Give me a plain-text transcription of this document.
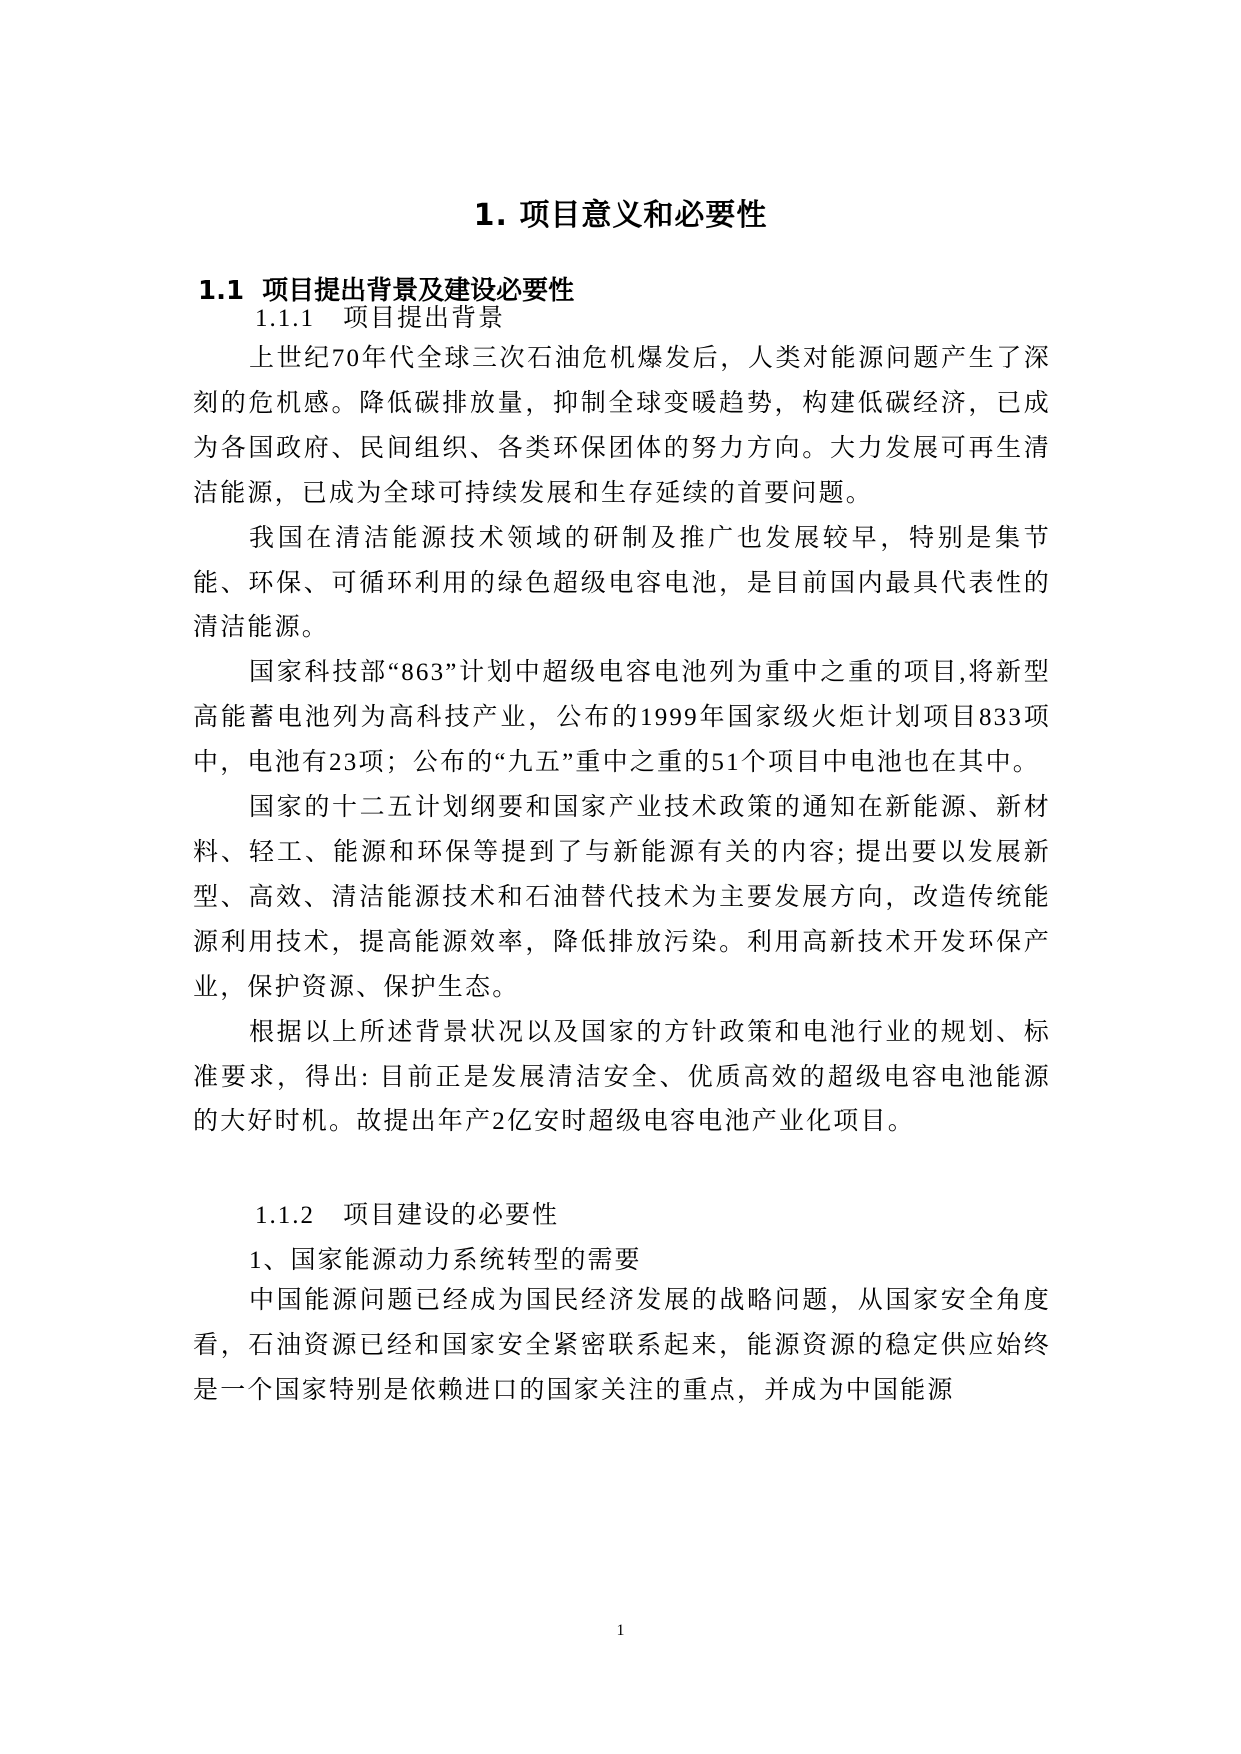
1. 项目意义和必要性
1.1 项目提出背景及建设必要性
1.1.1 项目提出背景

上世纪70年代全球三次石油危机爆发后，人类对能源问题产生了深刻的危机感。降低碳排放量，抑制全球变暖趋势，构建低碳经济，已成为各国政府、民间组织、各类环保团体的努力方向。大力发展可再生清洁能源，已成为全球可持续发展和生存延续的首要问题。

我国在清洁能源技术领域的研制及推广也发展较早，特别是集节能、环保、可循环利用的绿色超级电容电池，是目前国内最具代表性的清洁能源。

国家科技部“863”计划中超级电容电池列为重中之重的项目,将新型高能蓄电池列为高科技产业，公布的1999年国家级火炬计划项目833项中，电池有23项；公布的“九五”重中之重的51个项目中电池也在其中。

国家的十二五计划纲要和国家产业技术政策的通知在新能源、新材料、轻工、能源和环保等提到了与新能源有关的内容; 提出要以发展新型、高效、清洁能源技术和石油替代技术为主要发展方向，改造传统能源利用技术，提高能源效率，降低排放污染。利用高新技术开发环保产业，保护资源、保护生态。

根据以上所述背景状况以及国家的方针政策和电池行业的规划、标准要求，得出: 目前正是发展清洁安全、优质高效的超级电容电池能源的大好时机。故提出年产2亿安时超级电容电池产业化项目。

1.1.2 项目建设的必要性
1、国家能源动力系统转型的需要

中国能源问题已经成为国民经济发展的战略问题，从国家安全角度看，石油资源已经和国家安全紧密联系起来，能源资源的稳定供应始终是一个国家特别是依赖进口的国家关注的重点，并成为中国能源

1
